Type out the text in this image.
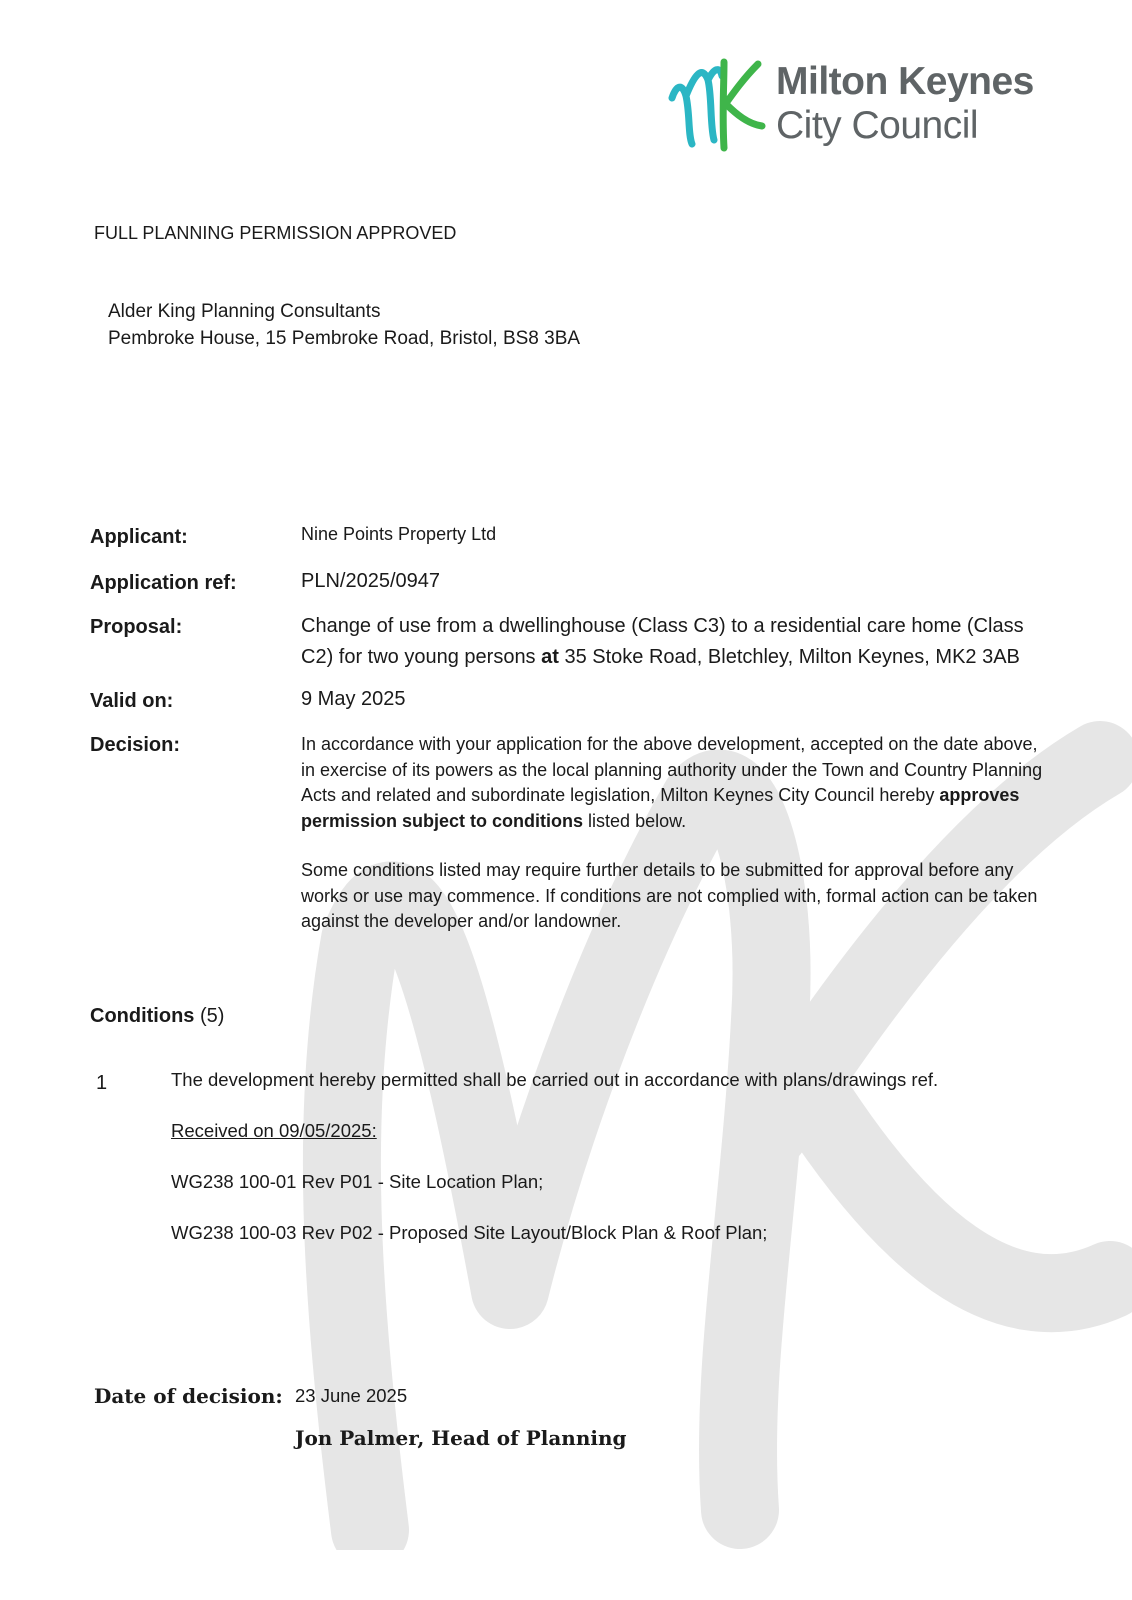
Milton Keynes
City Council
FULL PLANNING PERMISSION APPROVED
Alder King Planning Consultants
Pembroke House, 15 Pembroke Road, Bristol, BS8 3BA
Applicant:	Nine Points Property Ltd
Application ref:	PLN/2025/0947
Proposal:	Change of use from a dwellinghouse (Class C3) to a residential care home (Class C2) for two young persons at 35 Stoke Road, Bletchley, Milton Keynes, MK2 3AB
Valid on:	9 May 2025
Decision:	In accordance with your application for the above development, accepted on the date above, in exercise of its powers as the local planning authority under the Town and Country Planning Acts and related and subordinate legislation, Milton Keynes City Council hereby approves permission subject to conditions listed below.
Some conditions listed may require further details to be submitted for approval before any works or use may commence. If conditions are not complied with, formal action can be taken against the developer and/or landowner.
Conditions (5)
1	The development hereby permitted shall be carried out in accordance with plans/drawings ref.
Received on 09/05/2025:
WG238 100-01 Rev P01 - Site Location Plan;
WG238 100-03 Rev P02 - Proposed Site Layout/Block Plan & Roof Plan;
Date of decision: 23 June 2025
Jon Palmer, Head of Planning
